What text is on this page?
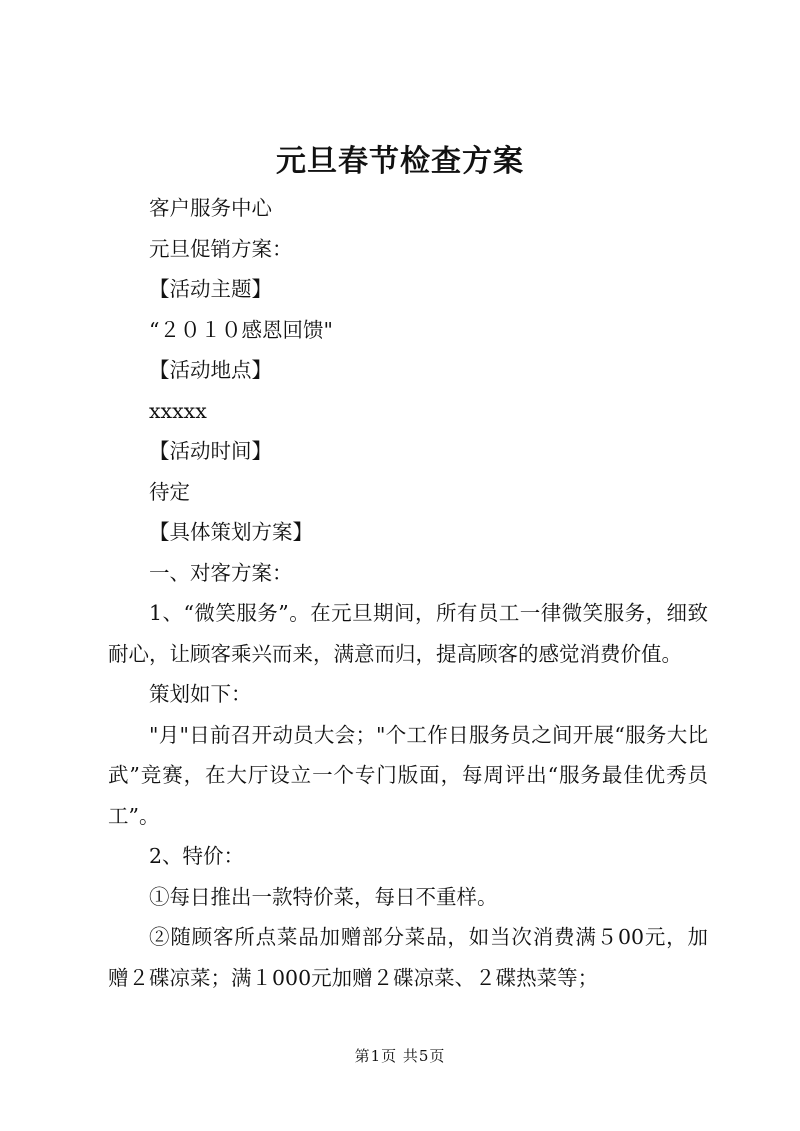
元旦春节检查方案

客户服务中心

元旦促销方案：

【活动主题】

“２０１０感恩回馈"

【活动地点】

xxxxx

【活动时间】

待定

【具体策划方案】

一、对客方案：

1、“微笑服务”。在元旦期间，所有员工一律微笑服务，细致耐心，让顾客乘兴而来，满意而归，提高顾客的感觉消费价值。

策划如下：

"月"日前召开动员大会；"个工作日服务员之间开展“服务大比武”竞赛，在大厅设立一个专门版面，每周评出“服务最佳优秀员工”。

2、特价：

①每日推出一款特价菜，每日不重样。

②随顾客所点菜品加赠部分菜品，如当次消费满５00元，加赠２碟凉菜；满１000元加赠２碟凉菜、２碟热菜等；

第1页 共5页
